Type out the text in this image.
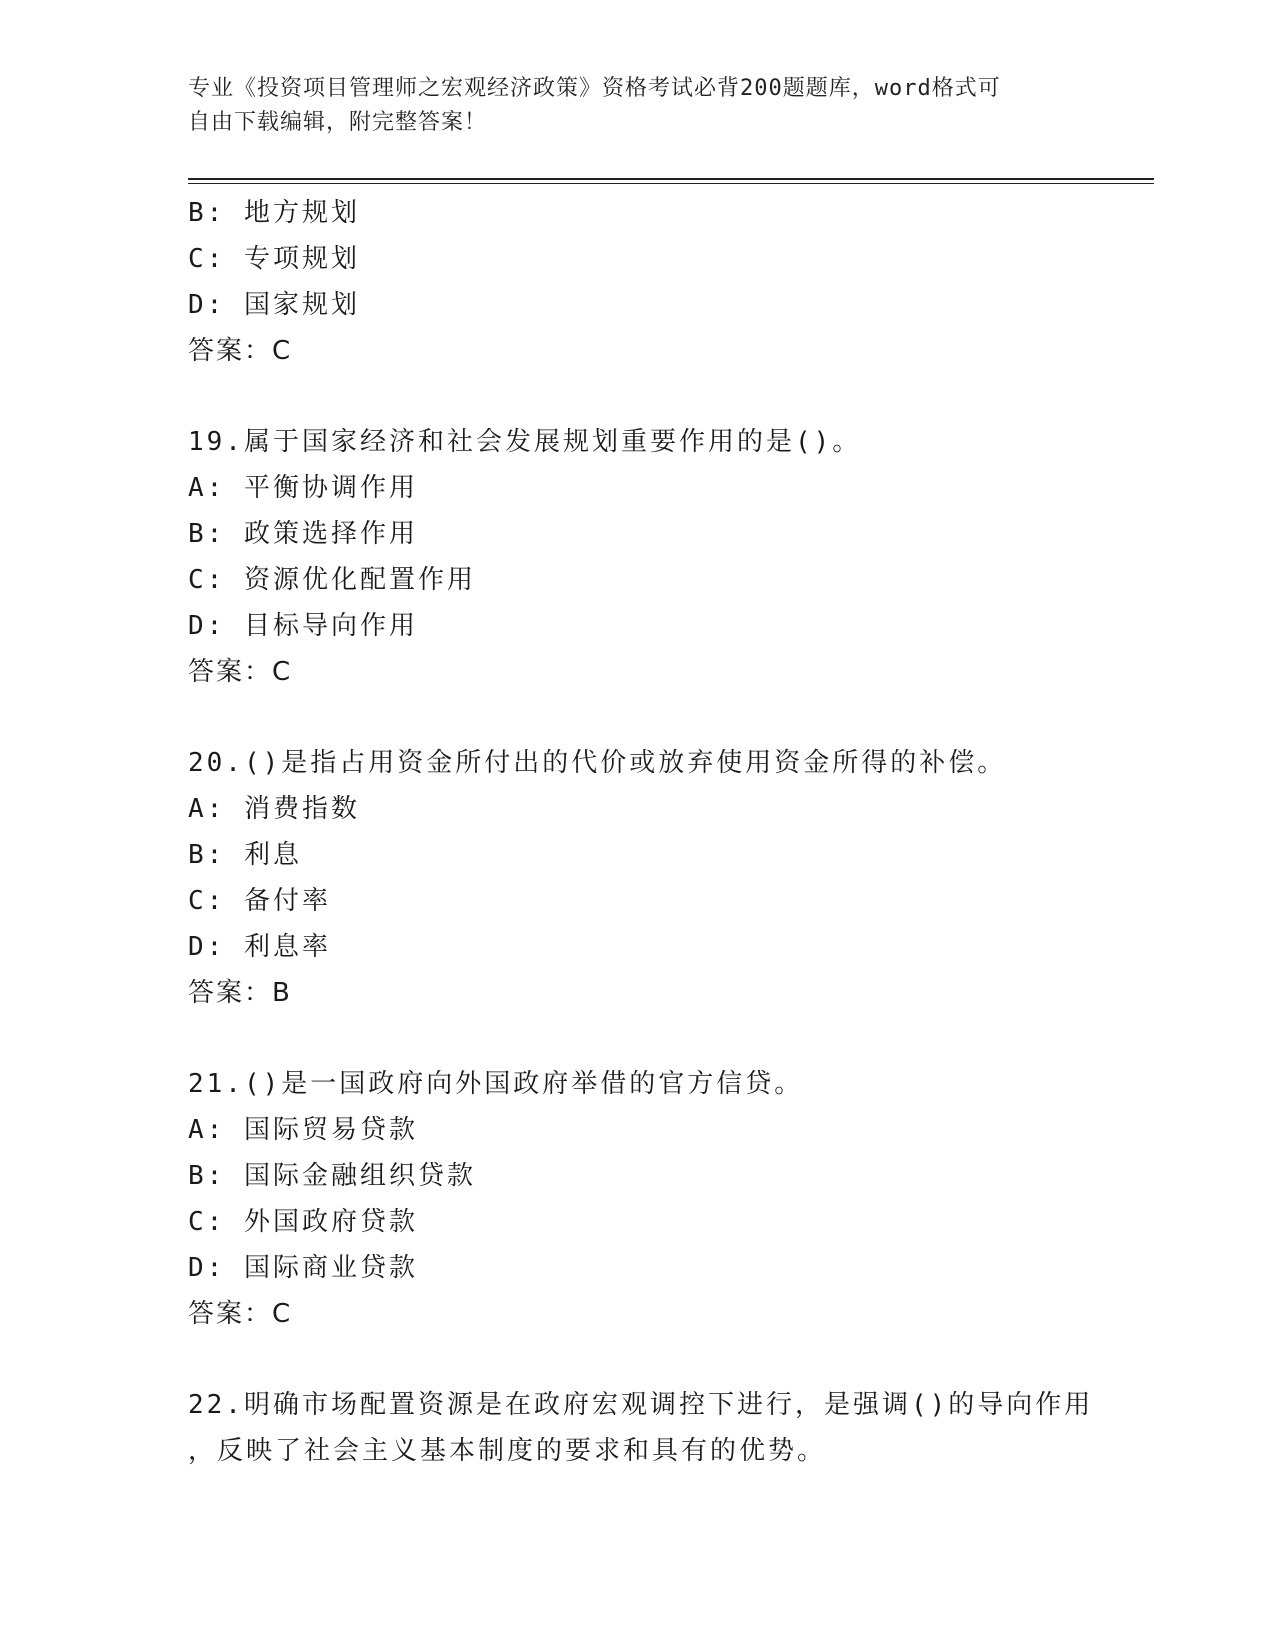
专业《投资项目管理师之宏观经济政策》资格考试必背200题题库，word格式可
自由下载编辑，附完整答案！
B: 地方规划
C: 专项规划
D: 国家规划
答案：C
19.属于国家经济和社会发展规划重要作用的是()。
A: 平衡协调作用
B: 政策选择作用
C: 资源优化配置作用
D: 目标导向作用
答案：C
20.()是指占用资金所付出的代价或放弃使用资金所得的补偿。
A: 消费指数
B: 利息
C: 备付率
D: 利息率
答案：B
21.()是一国政府向外国政府举借的官方信贷。
A: 国际贸易贷款
B: 国际金融组织贷款
C: 外国政府贷款
D: 国际商业贷款
答案：C
22.明确市场配置资源是在政府宏观调控下进行，是强调()的导向作用
，反映了社会主义基本制度的要求和具有的优势。
